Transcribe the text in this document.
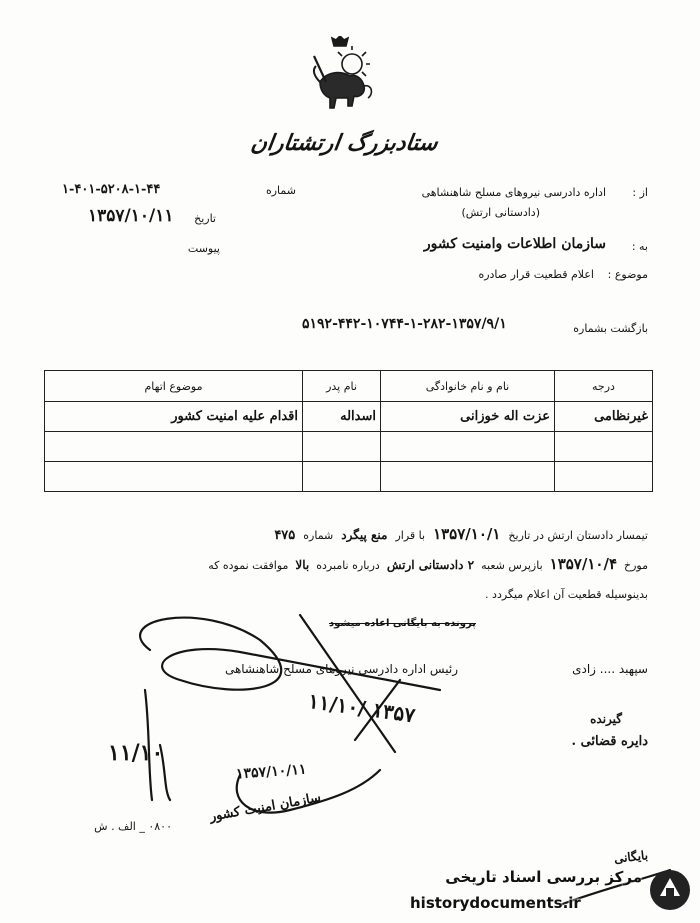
ستادبزرگ ارتشتاران
شماره
۱-۴۰۱-۵۲۰۸-۱-۴۴
تاریخ
۱۳۵۷/۱۰/۱۱
پیوست
از :
اداره دادرسی نیروهای مسلح شاهنشاهی
(دادستانی ارتش)
به :
سازمان اطلاعات وامنیت کشور
موضوع :
اعلام قطعیت قرار صادره
بازگشت بشماره
۵۱۹۲-۴۴۲-۱۰۷۴۴-۱-۲۸۲-۱۳۵۷/۹/۱
درجه	نام و نام خانوادگی	نام پدر	موضوع اتهام
غیرنظامی	عزت اله خوزانی	اسداله	اقدام علیه امنیت کشور

تیمسار دادستان ارتش در تاریخ
۱۳۵۷/۱۰/۱
با قرار
منع پیگرد
شماره
۴۷۵
مورخ
۱۳۵۷/۱۰/۴
بازپرس شعبه
۲ دادستانی ارتش
درباره نامبرده
بالا
موافقت نموده که
بدینوسیله قطعیت آن اعلام میگردد .
پرونده به بایگانی اعاده میشود
رئیس اداره دادرسی نیروهای مسلح شاهنشاهی	سپهبد .... زادی
۱۱/۱۰/ ۱۳۵۷	گیرنده
دایره قضائی .
۱۱/۱۰
۱۳۵۷/۱۰/۱۱
سازمان امنیت کشور
بایگانی
۰۸۰۰ _ الف . ش
مرکز بررسی اسناد تاریخی
historydocuments.ir
